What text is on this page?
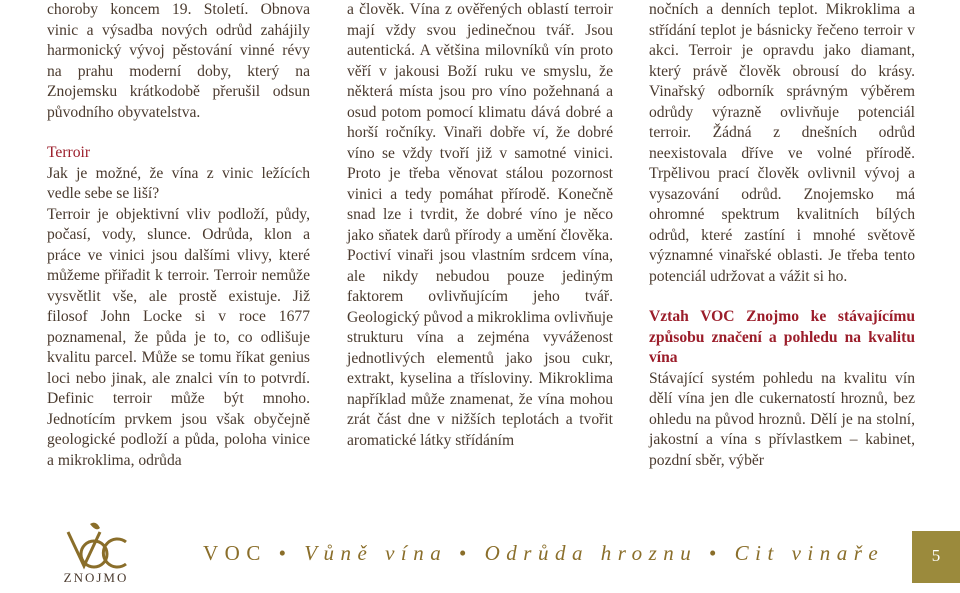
choroby koncem 19. Století. Obnova vinic a výsadba nových odrůd zahájily harmonický vývoj pěstování vinné révy na prahu moderní doby, který na Znojemsku krátkodobě přerušil odsun původního obyvatelstva.

Terroir

Jak je možné, že vína z vinic ležících vedle sebe se liší?

Terroir je objektivní vliv podloží, půdy, počasí, vody, slunce. Odrůda, klon a práce ve vinici jsou dalšími vlivy, které můžeme přiřadit k terroir. Terroir nemůže vysvětlit vše, ale prostě existuje. Již filosof John Locke si v roce 1677 poznamenal, že půda je to, co odlišuje kvalitu parcel. Může se tomu říkat genius loci nebo jinak, ale znalci vín to potvrdí. Definic terroir může být mnoho. Jednotícím prvkem jsou však obyčejně geologické podloží a půda, poloha vinice a mikroklima, odrůda

a člověk. Vína z ověřených oblastí terroir mají vždy svou jedinečnou tvář. Jsou autentická. A většina milovníků vín proto věří v jakousi Boží ruku ve smyslu, že některá místa jsou pro víno požehnaná a osud potom pomocí klimatu dává dobré a horší ročníky. Vinaři dobře ví, že dobré víno se vždy tvoří již v samotné vinici. Proto je třeba věnovat stálou pozornost vinici a tedy pomáhat přírodě. Konečně snad lze i tvrdit, že dobré víno je něco jako sňatek darů přírody a umění člověka. Poctiví vinaři jsou vlastním srdcem vína, ale nikdy nebudou pouze jediným faktorem ovlivňujícím jeho tvář. Geologický původ a mikroklima ovlivňuje strukturu vína a zejména vyváženost jednotlivých elementů jako jsou cukr, extrakt, kyselina a třísloviny. Mikroklima například může znamenat, že vína mohou zrát část dne v nižších teplotách a tvořit aromatické látky střídáním

nočních a denních teplot. Mikroklima a střídání teplot je básnicky řečeno terroir v akci. Terroir je opravdu jako diamant, který právě člověk obrousí do krásy. Vinařský odborník správným výběrem odrůdy výrazně ovlivňuje potenciál terroir. Žádná z dnešních odrůd neexistovala dříve ve volné přírodě. Trpělivou prací člověk ovlivnil vývoj a vysazování odrůd. Znojemsko má ohromné spektrum kvalitních bílých odrůd, které zastíní i mnohé světově významné vinařské oblasti. Je třeba tento potenciál udržovat a vážit si ho.

Vztah VOC Znojmo ke stávajícímu způsobu značení a pohledu na kvalitu vína

Stávající systém pohledu na kvalitu vín dělí vína jen dle cukernatostí hroznů, bez ohledu na původ hroznů. Dělí je na stolní, jakostní a vína s přívlastkem – kabinet, pozdní sběr, výběr

ZNOJMO
VOC • Vůně vína • Odrůda hroznu • Cit vinaře	5
